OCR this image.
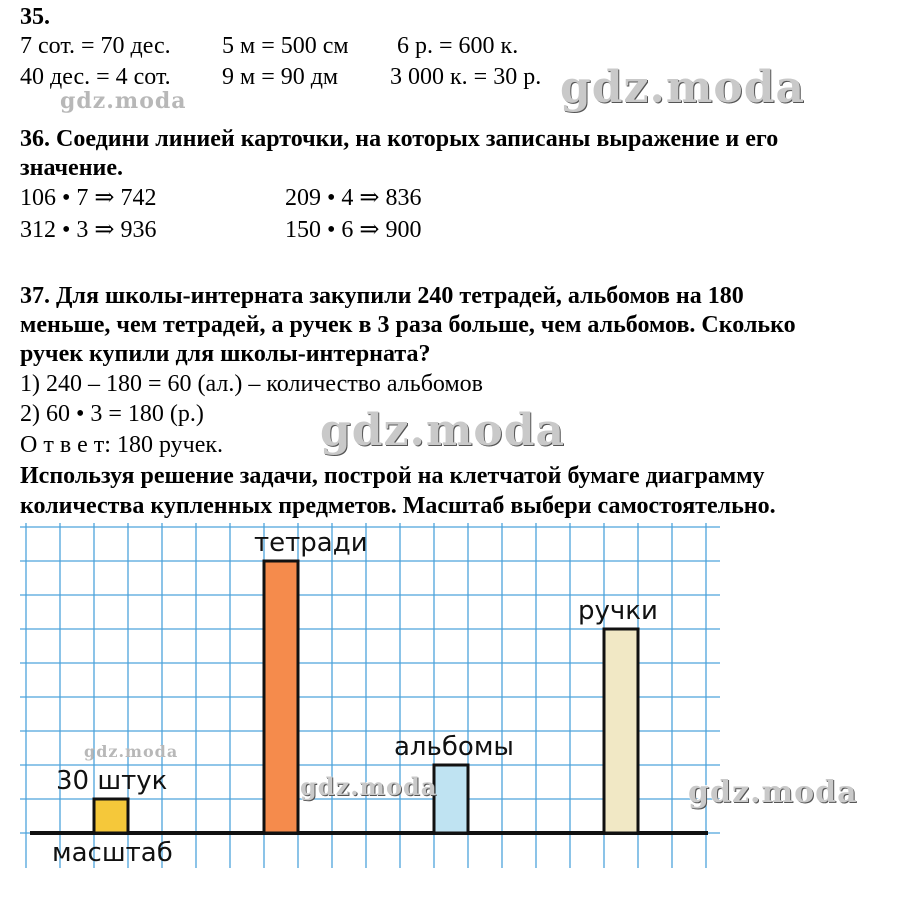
35.
7 сот. = 70 дес. 5 м = 500 см 6 р. = 600 к.
40 дес. = 4 сот. 9 м = 90 дм 3 000 к. = 30 р.
36. Соедини линией карточки, на которых записаны выражение и его
значение.
106 • 7 ⇒ 742	209 • 4 ⇒ 836
312 • 3 ⇒ 936	150 • 6 ⇒ 900
37. Для школы-интерната закупили 240 тетрадей, альбомов на 180
меньше, чем тетрадей, а ручек в 3 раза больше, чем альбомов. Сколько
ручек купили для школы-интерната?
1) 240 – 180 = 60 (ал.) – количество альбомов
2) 60 • 3 = 180 (р.)
О т в е т: 180 ручек.
Используя решение задачи, построй на клетчатой бумаге диаграмму
количества купленных предметов. Масштаб выбери самостоятельно.
тетради
альбомы
ручки
30 штук
масштаб
gdz.moda
gdz.moda
gdz.moda
gdz.moda
gdz.moda	gdz.moda
